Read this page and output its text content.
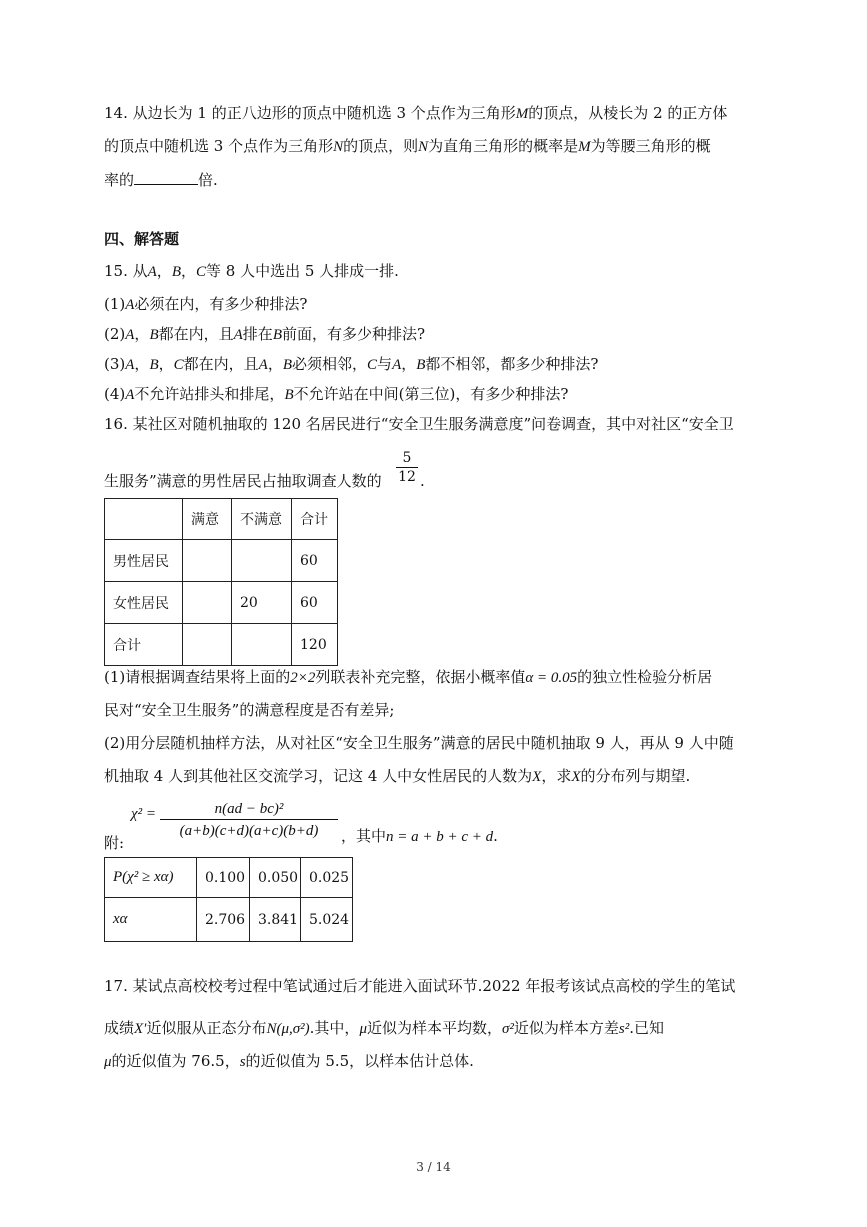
14. 从边长为 1 的正八边形的顶点中随机选 3 个点作为三角形M的顶点，从棱长为 2 的正方体
的顶点中随机选 3 个点作为三角形N的顶点，则N为直角三角形的概率是M为等腰三角形的概
率的	倍.
四、解答题
15. 从A，B，C等 8 人中选出 5 人排成一排.
(1)A必须在内，有多少种排法?
(2)A，B都在内，且A排在B前面，有多少种排法?
(3)A，B，C都在内，且A，B必须相邻，C与A，B都不相邻，都多少种排法?
(4)A不允许站排头和排尾，B不允许站在中间(第三位)，有多少种排法?
16. 某社区对随机抽取的 120 名居民进行“安全卫生服务满意度”问卷调查，其中对社区“安全卫
生服务”满意的男性居民占抽取调查人数的 $\frac{5}{12}$ .
	满意	不满意	合计
男性居民			60
女性居民		20	60
合计			120
(1)请根据调查结果将上面的2×2列联表补充完整，依据小概率值α = 0.05的独立性检验分析居
民对“安全卫生服务”的满意程度是否有差异;
(2)用分层随机抽样方法，从对社区“安全卫生服务”满意的居民中随机抽取 9 人，再从 9 人中随
机抽取 4 人到其他社区交流学习，记这 4 人中女性居民的人数为X，求X的分布列与期望.
附:
$\chi^2 = \frac{\text{n(ad − bc)²}}{(a+b)(c+d)(a+c)(b+d)}$ ，其中n = a + b + c + d.
P(χ² ≥ xα)	0.100	0.050	0.025
xα	2.706	3.841	5.024
17. 某试点高校校考过程中笔试通过后才能进入面试环节.2022 年报考该试点高校的学生的笔试
成绩X′近似服从正态分布N(μ,σ²).其中，μ近似为样本平均数，σ²近似为样本方差s².已知
μ的近似值为 76.5，s的近似值为 5.5，以样本估计总体.
3 / 14
